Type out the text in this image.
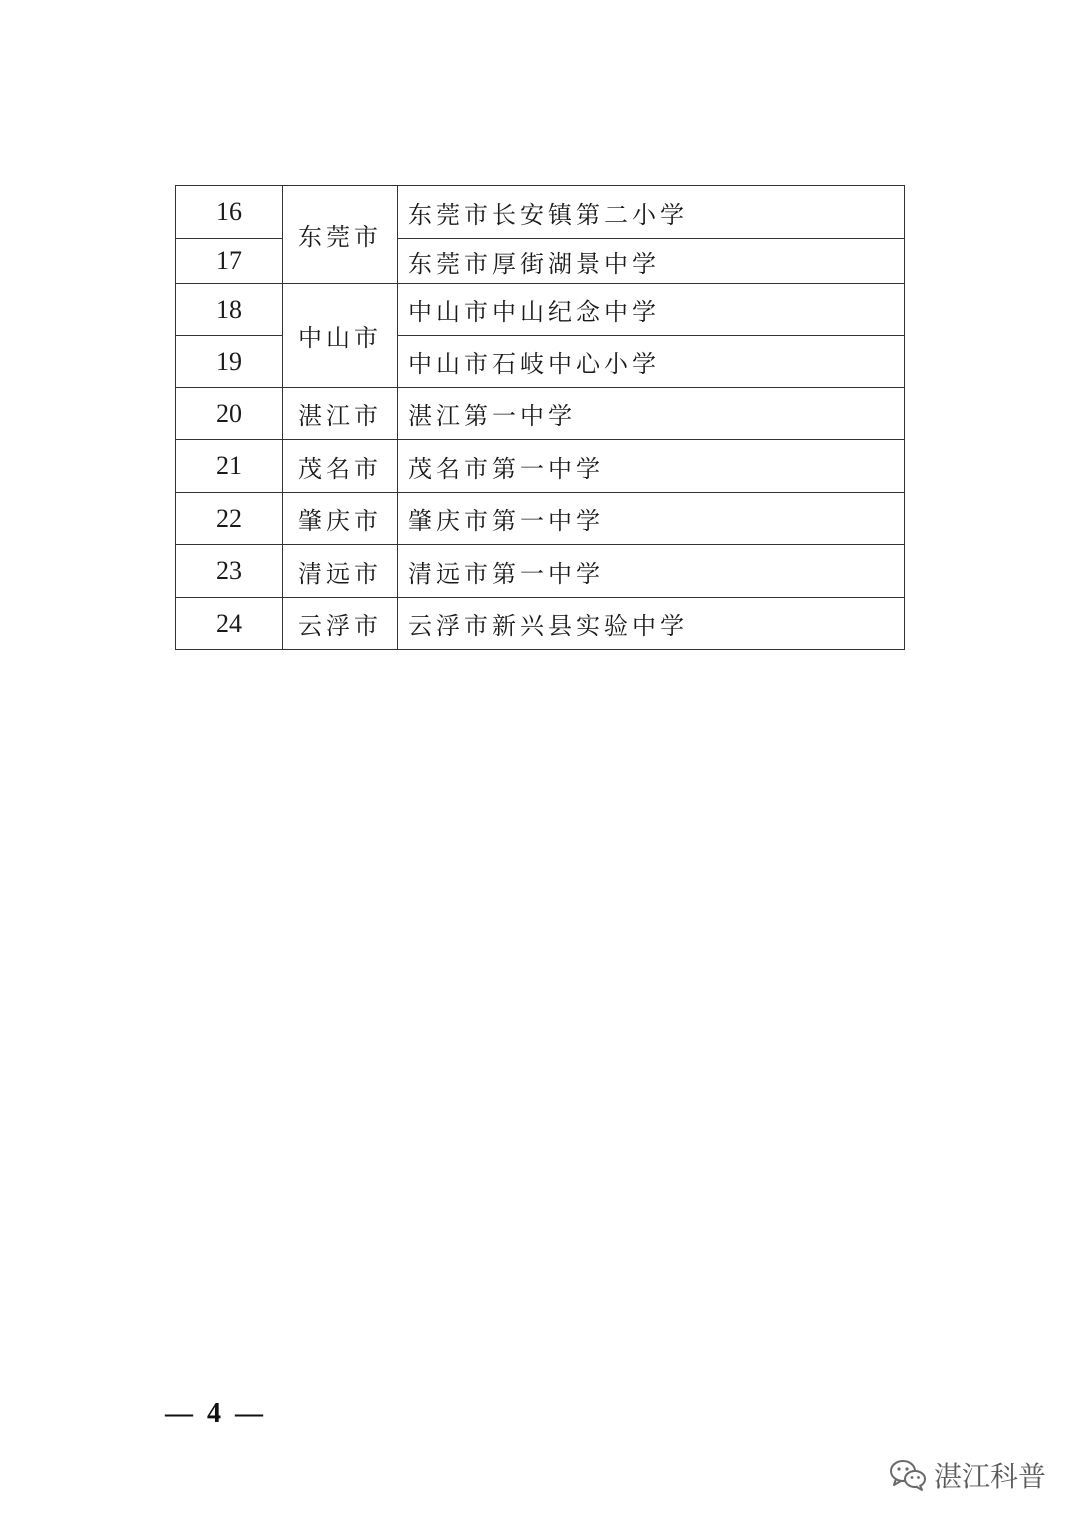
16	东莞市	东莞市长安镇第二小学
17		东莞市厚街湖景中学
18	中山市	中山市中山纪念中学
19		中山市石岐中心小学
20	湛江市	湛江第一中学
21	茂名市	茂名市第一中学
22	肇庆市	肇庆市第一中学
23	清远市	清远市第一中学
24	云浮市	云浮市新兴县实验中学
—  4  —
湛江科普
